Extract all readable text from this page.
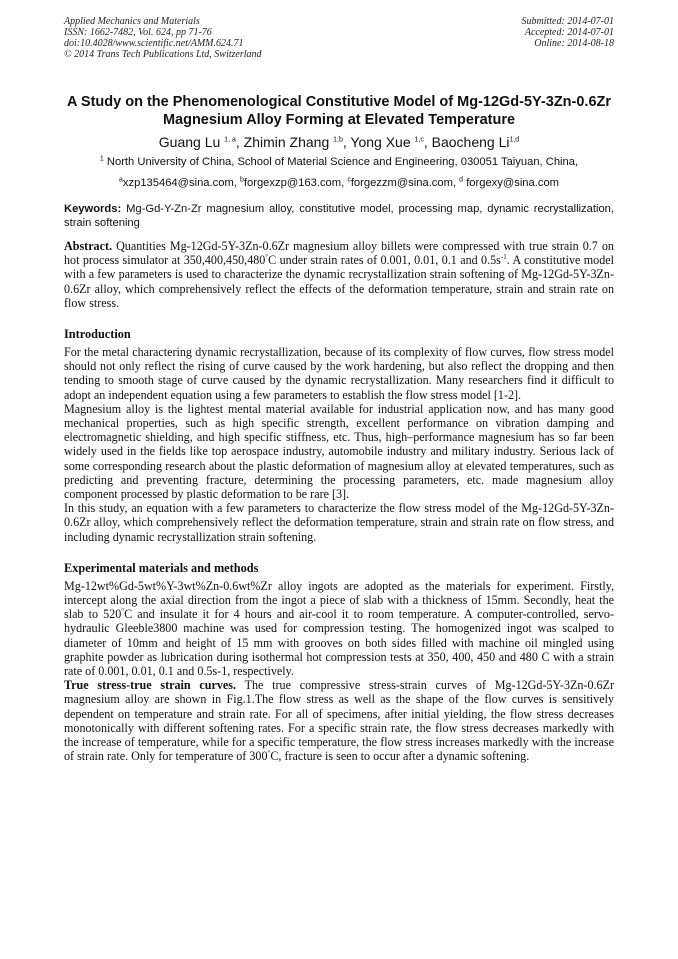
Applied Mechanics and Materials
ISSN: 1662-7482, Vol. 624, pp 71-76
doi:10.4028/www.scientific.net/AMM.624.71
© 2014 Trans Tech Publications Ltd, Switzerland
Submitted: 2014-07-01
Accepted: 2014-07-01
Online: 2014-08-18
A Study on the Phenomenological Constitutive Model of Mg-12Gd-5Y-3Zn-0.6Zr Magnesium Alloy Forming at Elevated Temperature
Guang Lu $^{1, a}$, Zhimin Zhang $^{1,b}$, Yong Xue $^{1,c}$, Baocheng Li$^{1,d}$
$^1$ North University of China, School of Material Science and Engineering, 030051 Taiyuan, China,
$^a$xzp135464@sina.com, $^b$forgexzp@163.com, $^c$forgezzm@sina.com, $^d$ forgexy@sina.com
Keywords: Mg-Gd-Y-Zn-Zr magnesium alloy, constitutive model, processing map, dynamic recrystallization, strain softening
Abstract. Quantities Mg-12Gd-5Y-3Zn-0.6Zr magnesium alloy billets were compressed with true strain 0.7 on hot process simulator at 350,400,450,480°C under strain rates of 0.001, 0.01, 0.1 and $0.5s^{-1}$. A constitutive model with a few parameters is used to characterize the dynamic recrystallization strain softening of Mg-12Gd-5Y-3Zn-0.6Zr alloy, which comprehensively reflect the effects of the deformation temperature, strain and strain rate on flow stress.
Introduction

For the metal charactering dynamic recrystallization, because of its complexity of flow curves, flow stress model should not only reflect the rising of curve caused by the work hardening, but also reflect the dropping and then tending to smooth stage of curve caused by the dynamic recrystallization. Many researchers find it difficult to adopt an independent equation using a few parameters to establish the flow stress model [1-2].

Magnesium alloy is the lightest mental material available for industrial application now, and has many good mechanical properties, such as high specific strength, excellent performance on vibration damping and electromagnetic shielding, and high specific stiffness, etc. Thus, high–performance magnesium has so far been widely used in the fields like top aerospace industry, automobile industry and military industry. Serious lack of some corresponding research about the plastic deformation of magnesium alloy at elevated temperatures, such as predicting and preventing fracture, determining the processing parameters, etc. made magnesium alloy component processed by plastic deformation to be rare [3].

In this study, an equation with a few parameters to characterize the flow stress model of the Mg-12Gd-5Y-3Zn-0.6Zr alloy, which comprehensively reflect the deformation temperature, strain and strain rate on flow stress, and including dynamic recrystallization strain softening.

Experimental materials and methods

Mg-12wt%Gd-5wt%Y-3wt%Zn-0.6wt%Zr alloy ingots are adopted as the materials for experiment. Firstly, intercept along the axial direction from the ingot a piece of slab with a thickness of 15mm. Secondly, heat the slab to 520°C and insulate it for 4 hours and air-cool it to room temperature. A computer-controlled, servo-hydraulic Gleeble3800 machine was used for compression testing. The homogenized ingot was scalped to diameter of 10mm and height of 15 mm with grooves on both sides filled with machine oil mingled using graphite powder as lubrication during isothermal hot compression tests at 350, 400, 450 and 480 C with a strain rate of 0.001, 0.01, 0.1 and 0.5s-1, respectively.

True stress-true strain curves. The true compressive stress-strain curves of Mg-12Gd-5Y-3Zn-0.6Zr magnesium alloy are shown in Fig.1.The flow stress as well as the shape of the flow curves is sensitively dependent on temperature and strain rate. For all of specimens, after initial yielding, the flow stress decreases monotonically with different softening rates. For a specific strain rate, the flow stress decreases markedly with the increase of temperature, while for a specific temperature, the flow stress increases markedly with the increase of strain rate. Only for temperature of 300°C, fracture is seen to occur after a dynamic softening.
